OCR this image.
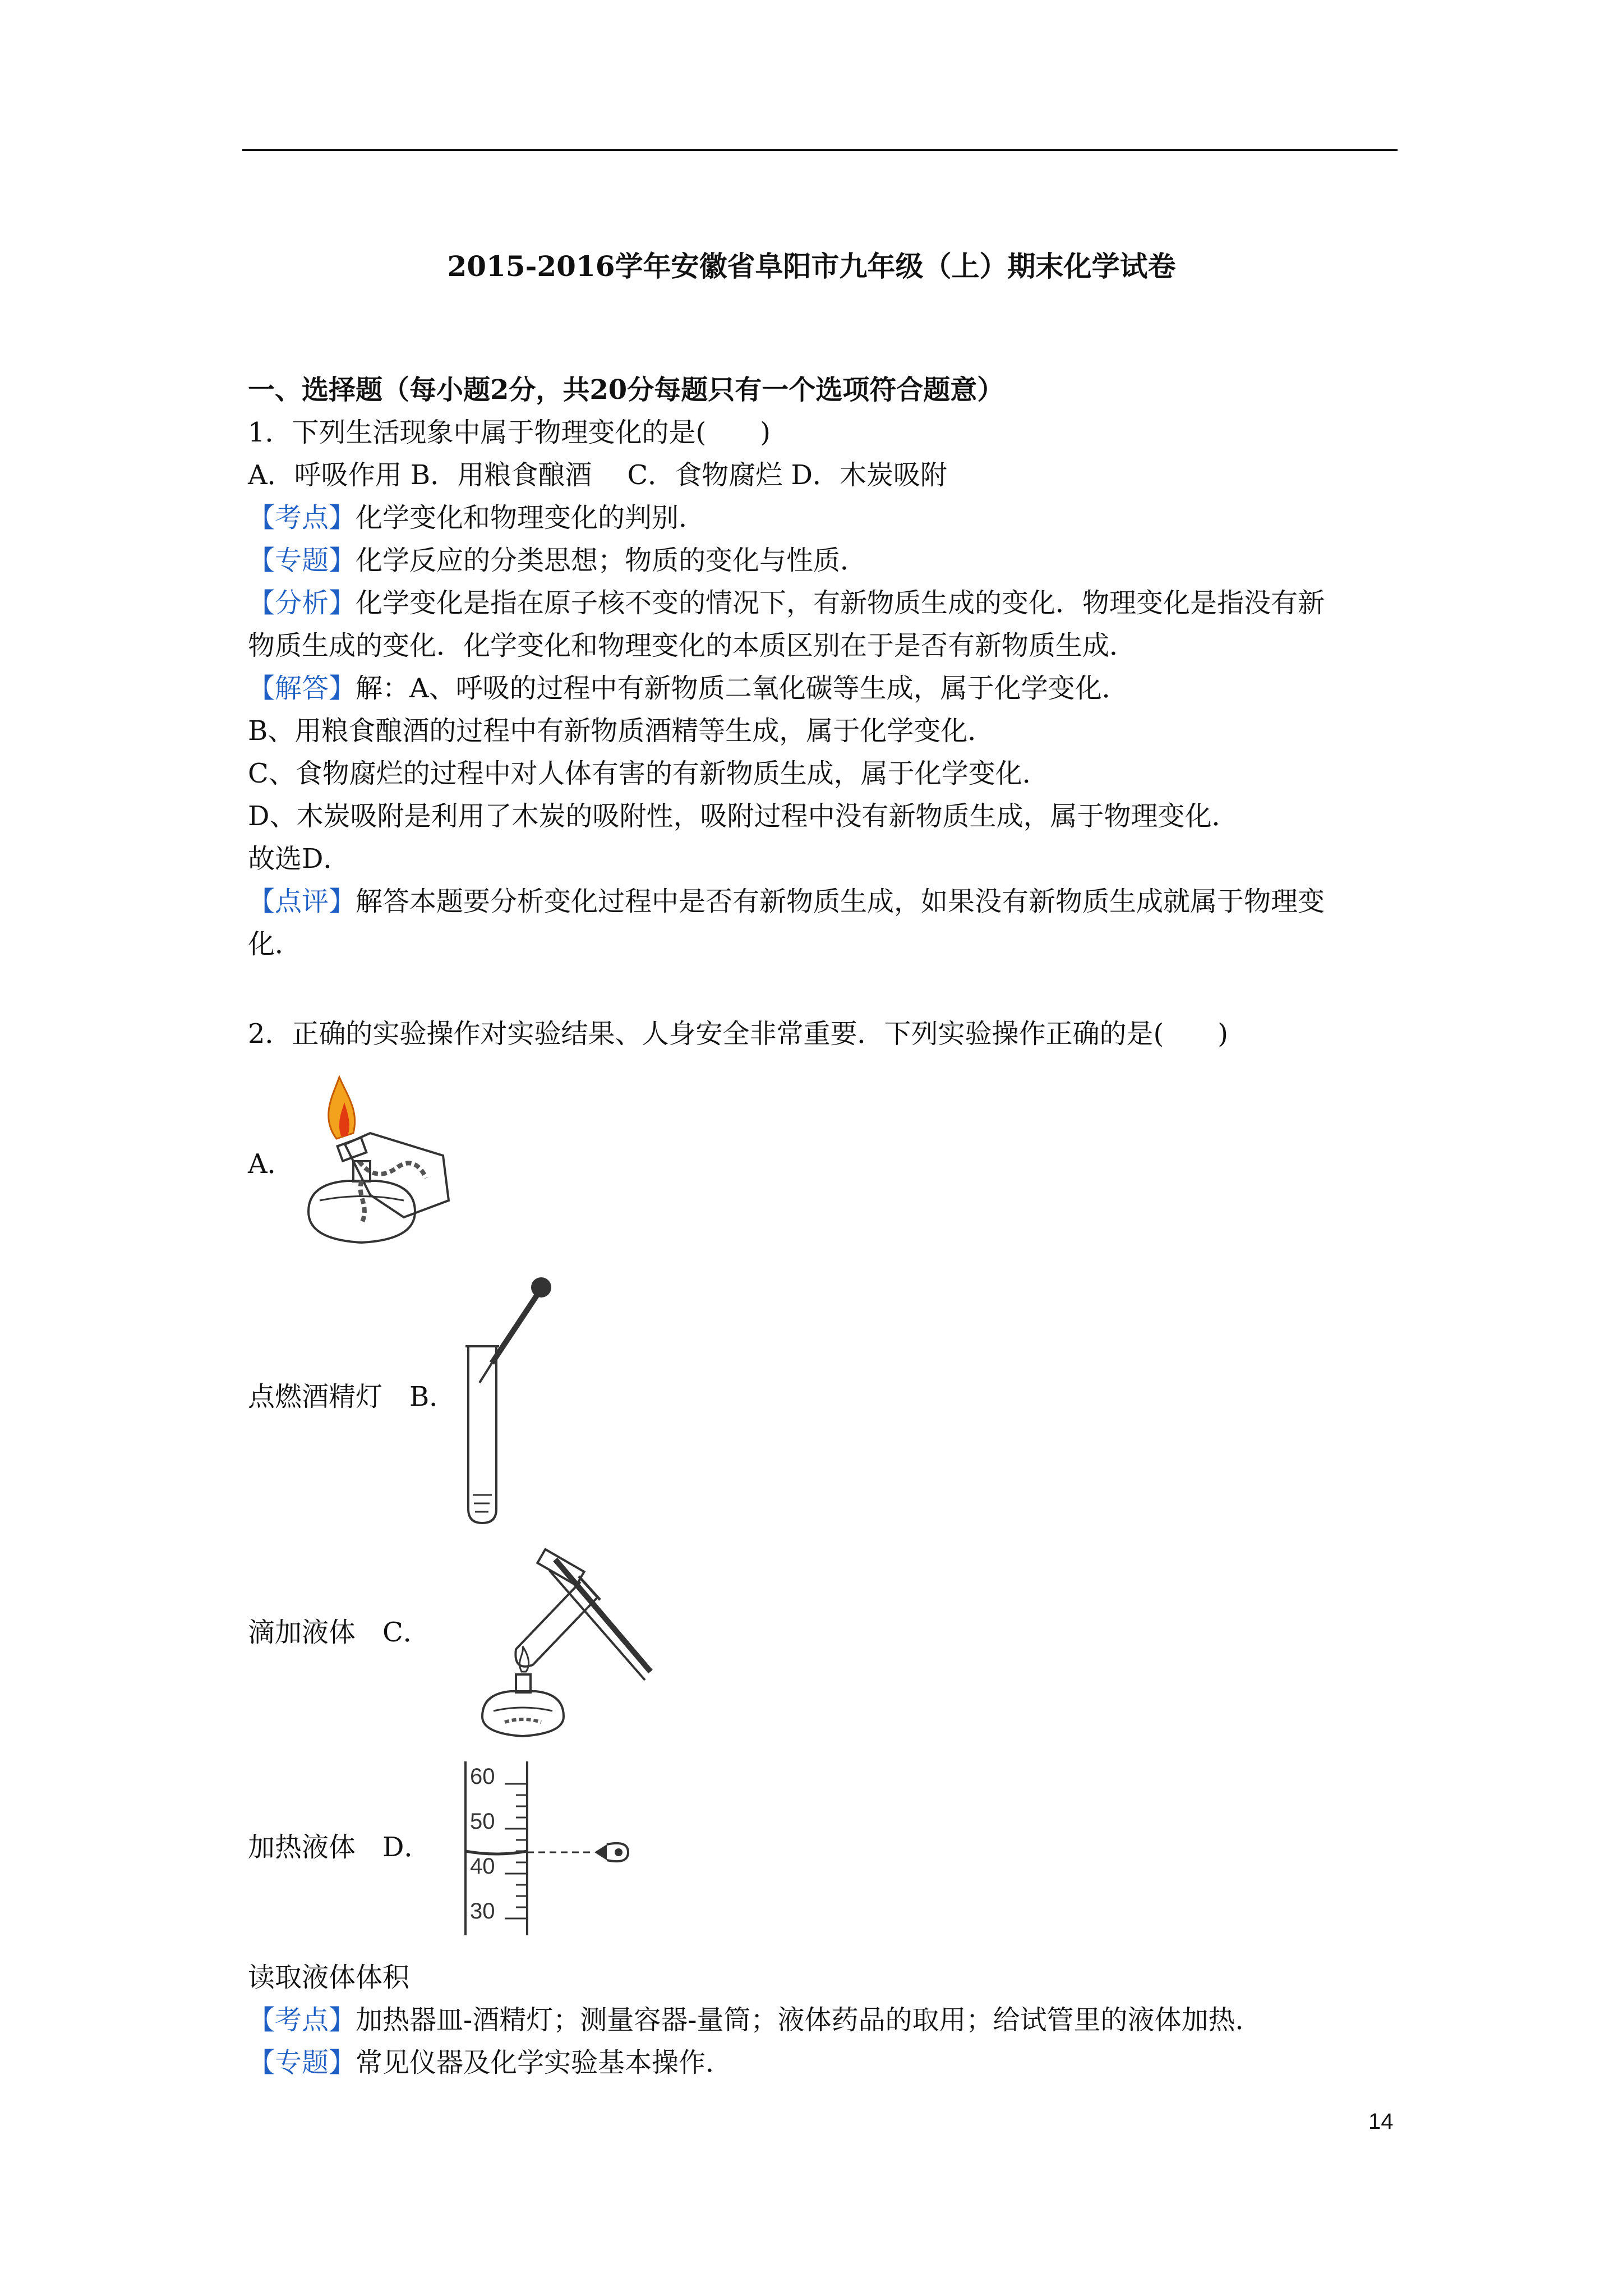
2015-2016学年安徽省阜阳市九年级（上）期末化学试卷
一、选择题（每小题2分，共20分每题只有一个选项符合题意）
1．下列生活现象中属于物理变化的是(　　)
A．呼吸作用 B．用粮食酿酒　 C．食物腐烂 D．木炭吸附
【考点】化学变化和物理变化的判别．
【专题】化学反应的分类思想；物质的变化与性质．
【分析】化学变化是指在原子核不变的情况下，有新物质生成的变化．物理变化是指没有新
物质生成的变化．化学变化和物理变化的本质区别在于是否有新物质生成．
【解答】解：A、呼吸的过程中有新物质二氧化碳等生成，属于化学变化．
B、用粮食酿酒的过程中有新物质酒精等生成，属于化学变化．
C、食物腐烂的过程中对人体有害的有新物质生成，属于化学变化．
D、木炭吸附是利用了木炭的吸附性，吸附过程中没有新物质生成，属于物理变化．
故选D．
【点评】解答本题要分析变化过程中是否有新物质生成，如果没有新物质生成就属于物理变
化．
2．正确的实验操作对实验结果、人身安全非常重要．下列实验操作正确的是(　　)
A．
点燃酒精灯　 B．
滴加液体　 C．
加热液体　 D．
60
50
40
30
读取液体体积
【考点】加热器皿-酒精灯；测量容器-量筒；液体药品的取用；给试管里的液体加热．
【专题】常见仪器及化学实验基本操作．
14
